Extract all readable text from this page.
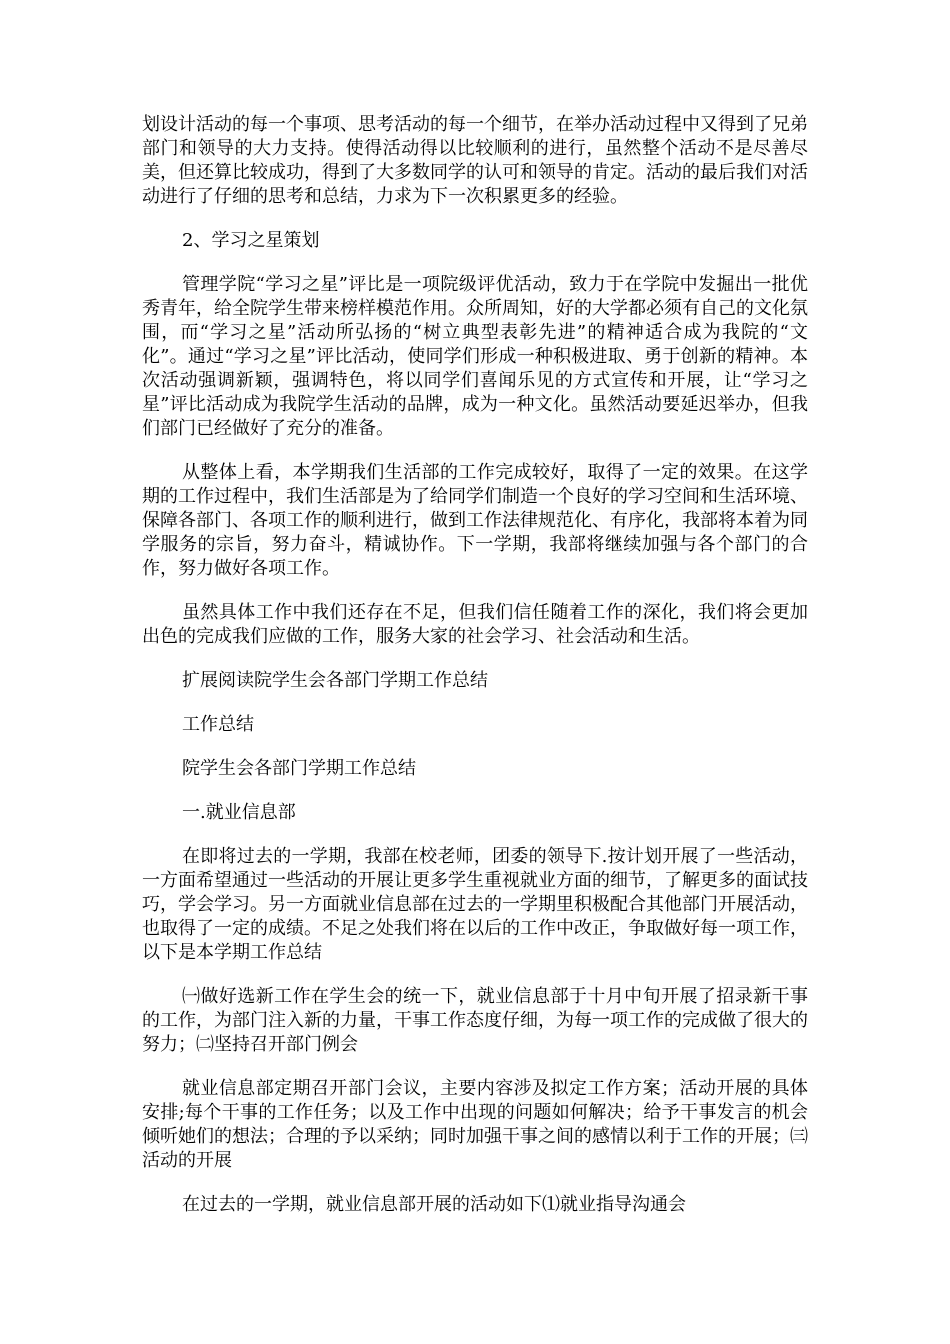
划设计活动的每一个事项、思考活动的每一个细节，在举办活动过程中又得到了兄弟部门和领导的大力支持。使得活动得以比较顺利的进行，虽然整个活动不是尽善尽美，但还算比较成功，得到了大多数同学的认可和领导的肯定。活动的最后我们对活动进行了仔细的思考和总结，力求为下一次积累更多的经验。

2、学习之星策划

管理学院“学习之星”评比是一项院级评优活动，致力于在学院中发掘出一批优秀青年，给全院学生带来榜样模范作用。众所周知，好的大学都必须有自己的文化氛围，而“学习之星”活动所弘扬的“树立典型表彰先进”的精神适合成为我院的“文化”。通过“学习之星”评比活动，使同学们形成一种积极进取、勇于创新的精神。本次活动强调新颖，强调特色，将以同学们喜闻乐见的方式宣传和开展，让“学习之星”评比活动成为我院学生活动的品牌，成为一种文化。虽然活动要延迟举办，但我们部门已经做好了充分的准备。

从整体上看，本学期我们生活部的工作完成较好，取得了一定的效果。在这学期的工作过程中，我们生活部是为了给同学们制造一个良好的学习空间和生活环境、保障各部门、各项工作的顺利进行，做到工作法律规范化、有序化，我部将本着为同学服务的宗旨，努力奋斗，精诚协作。下一学期，我部将继续加强与各个部门的合作，努力做好各项工作。

虽然具体工作中我们还存在不足，但我们信任随着工作的深化，我们将会更加出色的完成我们应做的工作，服务大家的社会学习、社会活动和生活。

扩展阅读院学生会各部门学期工作总结

工作总结

院学生会各部门学期工作总结

一.就业信息部

在即将过去的一学期，我部在校老师，团委的领导下.按计划开展了一些活动，一方面希望通过一些活动的开展让更多学生重视就业方面的细节，了解更多的面试技巧，学会学习。另一方面就业信息部在过去的一学期里积极配合其他部门开展活动，也取得了一定的成绩。不足之处我们将在以后的工作中改正，争取做好每一项工作，以下是本学期工作总结

㈠做好选新工作在学生会的统一下，就业信息部于十月中旬开展了招录新干事的工作，为部门注入新的力量，干事工作态度仔细，为每一项工作的完成做了很大的努力；㈡坚持召开部门例会

就业信息部定期召开部门会议，主要内容涉及拟定工作方案；活动开展的具体安排;每个干事的工作任务；以及工作中出现的问题如何解决；给予干事发言的机会倾听她们的想法；合理的予以采纳；同时加强干事之间的感情以利于工作的开展；㈢活动的开展

在过去的一学期，就业信息部开展的活动如下⑴就业指导沟通会
